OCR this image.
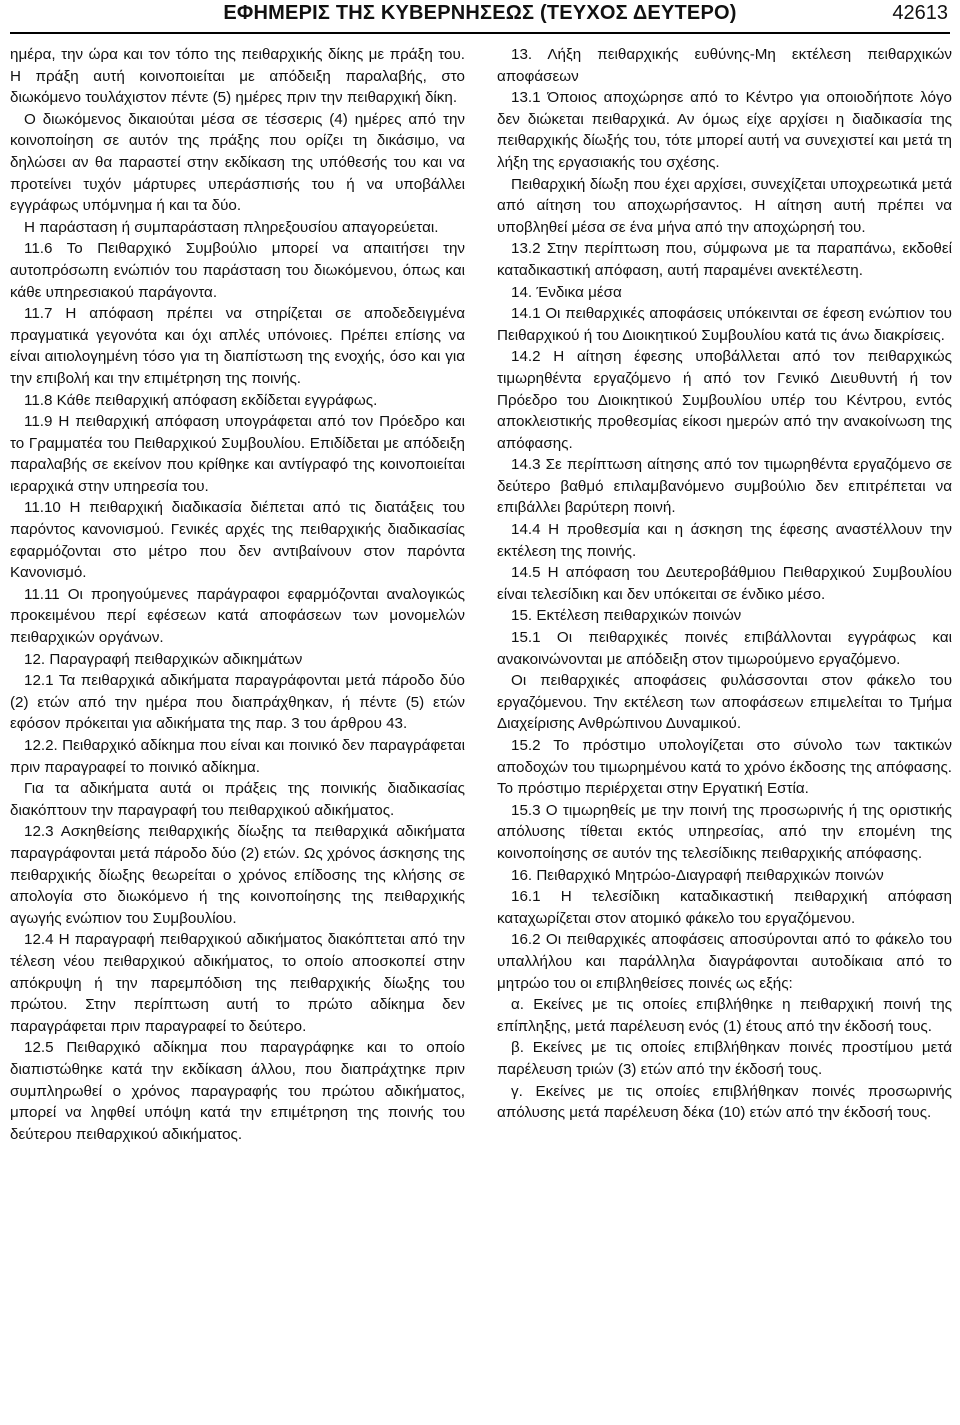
ΕΦΗΜΕΡΙΣ ΤΗΣ ΚΥΒΕΡΝΗΣΕΩΣ (ΤΕΥΧΟΣ ΔΕΥΤΕΡΟ)	42613

ημέρα, την ώρα και τον τόπο της πειθαρχικής δίκης με πράξη του. Η πράξη αυτή κοινοποιείται με απόδειξη παραλαβής, στο διωκόμενο τουλάχιστον πέντε (5) ημέρες πριν την πειθαρχική δίκη.

Ο διωκόμενος δικαιούται μέσα σε τέσσερις (4) ημέρες από την κοινοποίηση σε αυτόν της πράξης που ορίζει τη δικάσιμο, να δηλώσει αν θα παραστεί στην εκδίκαση της υπόθεσής του και να προτείνει τυχόν μάρτυρες υπεράσπισής του ή να υποβάλλει εγγράφως υπόμνημα ή και τα δύο.

Η παράσταση ή συμπαράσταση πληρεξουσίου απαγορεύεται.

11.6 Το Πειθαρχικό Συμβούλιο μπορεί να απαιτήσει την αυτοπρόσωπη ενώπιόν του παράσταση του διωκόμενου, όπως και κάθε υπηρεσιακού παράγοντα.

11.7 Η απόφαση πρέπει να στηρίζεται σε αποδεδειγμένα πραγματικά γεγονότα και όχι απλές υπόνοιες. Πρέπει επίσης να είναι αιτιολογημένη τόσο για τη διαπίστωση της ενοχής, όσο και για την επιβολή και την επιμέτρηση της ποινής.

11.8 Κάθε πειθαρχική απόφαση εκδίδεται εγγράφως.

11.9 Η πειθαρχική απόφαση υπογράφεται από τον Πρόεδρο και το Γραμματέα του Πειθαρχικού Συμβουλίου. Επιδίδεται με απόδειξη παραλαβής σε εκείνον που κρίθηκε και αντίγραφό της κοινοποιείται ιεραρχικά στην υπηρεσία του.

11.10 Η πειθαρχική διαδικασία διέπεται από τις διατάξεις του παρόντος κανονισμού. Γενικές αρχές της πειθαρχικής διαδικασίας εφαρμόζονται στο μέτρο που δεν αντιβαίνουν στον παρόντα Κανονισμό.

11.11 Οι προηγούμενες παράγραφοι εφαρμόζονται αναλογικώς προκειμένου περί εφέσεων κατά αποφάσεων των μονομελών πειθαρχικών οργάνων.

12. Παραγραφή πειθαρχικών αδικημάτων

12.1 Τα πειθαρχικά αδικήματα παραγράφονται μετά πάροδο δύο (2) ετών από την ημέρα που διαπράχθηκαν, ή πέντε (5) ετών εφόσον πρόκειται για αδικήματα της παρ. 3 του άρθρου 43.

12.2. Πειθαρχικό αδίκημα που είναι και ποινικό δεν παραγράφεται πριν παραγραφεί το ποινικό αδίκημα.

Για τα αδικήματα αυτά οι πράξεις της ποινικής διαδικασίας διακόπτουν την παραγραφή του πειθαρχικού αδικήματος.

12.3 Ασκηθείσης πειθαρχικής δίωξης τα πειθαρχικά αδικήματα παραγράφονται μετά πάροδο δύο (2) ετών. Ως χρόνος άσκησης της πειθαρχικής δίωξης θεωρείται ο χρόνος επίδοσης της κλήσης σε απολογία στο διωκόμενο ή της κοινοποίησης της πειθαρχικής αγωγής ενώπιον του Συμβουλίου.

12.4 Η παραγραφή πειθαρχικού αδικήματος διακόπτεται από την τέλεση νέου πειθαρχικού αδικήματος, το οποίο αποσκοπεί στην απόκρυψη ή την παρεμπόδιση της πειθαρχικής δίωξης του πρώτου. Στην περίπτωση αυτή το πρώτο αδίκημα δεν παραγράφεται πριν παραγραφεί το δεύτερο.

12.5 Πειθαρχικό αδίκημα που παραγράφηκε και το οποίο διαπιστώθηκε κατά την εκδίκαση άλλου, που διαπράχτηκε πριν συμπληρωθεί ο χρόνος παραγραφής του πρώτου αδικήματος, μπορεί να ληφθεί υπόψη κατά την επιμέτρηση της ποινής του δεύτερου πειθαρχικού αδικήματος.

13. Λήξη πειθαρχικής ευθύνης-Μη εκτέλεση πειθαρχικών αποφάσεων

13.1 Όποιος αποχώρησε από το Κέντρο για οποιοδήποτε λόγο δεν διώκεται πειθαρχικά. Αν όμως είχε αρχίσει η διαδικασία της πειθαρχικής δίωξής του, τότε μπορεί αυτή να συνεχιστεί και μετά τη λήξη της εργασιακής του σχέσης.

Πειθαρχική δίωξη που έχει αρχίσει, συνεχίζεται υποχρεωτικά μετά από αίτηση του αποχωρήσαντος. Η αίτηση αυτή πρέπει να υποβληθεί μέσα σε ένα μήνα από την αποχώρησή του.

13.2 Στην περίπτωση που, σύμφωνα με τα παραπάνω, εκδοθεί καταδικαστική απόφαση, αυτή παραμένει ανεκτέλεστη.

14. Ένδικα μέσα

14.1 Οι πειθαρχικές αποφάσεις υπόκεινται σε έφεση ενώπιον του Πειθαρχικού ή του Διοικητικού Συμβουλίου κατά τις άνω διακρίσεις.

14.2 Η αίτηση έφεσης υποβάλλεται από τον πειθαρχικώς τιμωρηθέντα εργαζόμενο ή από τον Γενικό Διευθυντή ή τον Πρόεδρο του Διοικητικού Συμβουλίου υπέρ του Κέντρου, εντός αποκλειστικής προθεσμίας είκοσι ημερών από την ανακοίνωση της απόφασης.

14.3 Σε περίπτωση αίτησης από τον τιμωρηθέντα εργαζόμενο σε δεύτερο βαθμό επιλαμβανόμενο συμβούλιο δεν επιτρέπεται να επιβάλλει βαρύτερη ποινή.

14.4 Η προθεσμία και η άσκηση της έφεσης αναστέλλουν την εκτέλεση της ποινής.

14.5 Η απόφαση του Δευτεροβάθμιου Πειθαρχικού Συμβουλίου είναι τελεσίδικη και δεν υπόκειται σε ένδικο μέσο.

15. Εκτέλεση πειθαρχικών ποινών

15.1 Οι πειθαρχικές ποινές επιβάλλονται εγγράφως και ανακοινώνονται με απόδειξη στον τιμωρούμενο εργαζόμενο.

Οι πειθαρχικές αποφάσεις φυλάσσονται στον φάκελο του εργαζόμενου. Την εκτέλεση των αποφάσεων επιμελείται το Τμήμα Διαχείρισης Ανθρώπινου Δυναμικού.

15.2 Το πρόστιμο υπολογίζεται στο σύνολο των τακτικών αποδοχών του τιμωρημένου κατά το χρόνο έκδοσης της απόφασης. Το πρόστιμο περιέρχεται στην Εργατική Εστία.

15.3 Ο τιμωρηθείς με την ποινή της προσωρινής ή της οριστικής απόλυσης τίθεται εκτός υπηρεσίας, από την επομένη της κοινοποίησης σε αυτόν της τελεσίδικης πειθαρχικής απόφασης.

16. Πειθαρχικό Μητρώο-Διαγραφή πειθαρχικών ποινών

16.1 Η τελεσίδικη καταδικαστική πειθαρχική απόφαση καταχωρίζεται στον ατομικό φάκελο του εργαζόμενου.

16.2 Οι πειθαρχικές αποφάσεις αποσύρονται από το φάκελο του υπαλλήλου και παράλληλα διαγράφονται αυτοδίκαια από το μητρώο του οι επιβληθείσες ποινές ως εξής:

α. Εκείνες με τις οποίες επιβλήθηκε η πειθαρχική ποινή της επίπληξης, μετά παρέλευση ενός (1) έτους από την έκδοσή τους.

β. Εκείνες με τις οποίες επιβλήθηκαν ποινές προστίμου μετά παρέλευση τριών (3) ετών από την έκδοσή τους.

γ. Εκείνες με τις οποίες επιβλήθηκαν ποινές προσωρινής απόλυσης μετά παρέλευση δέκα (10) ετών από την έκδοσή τους.
